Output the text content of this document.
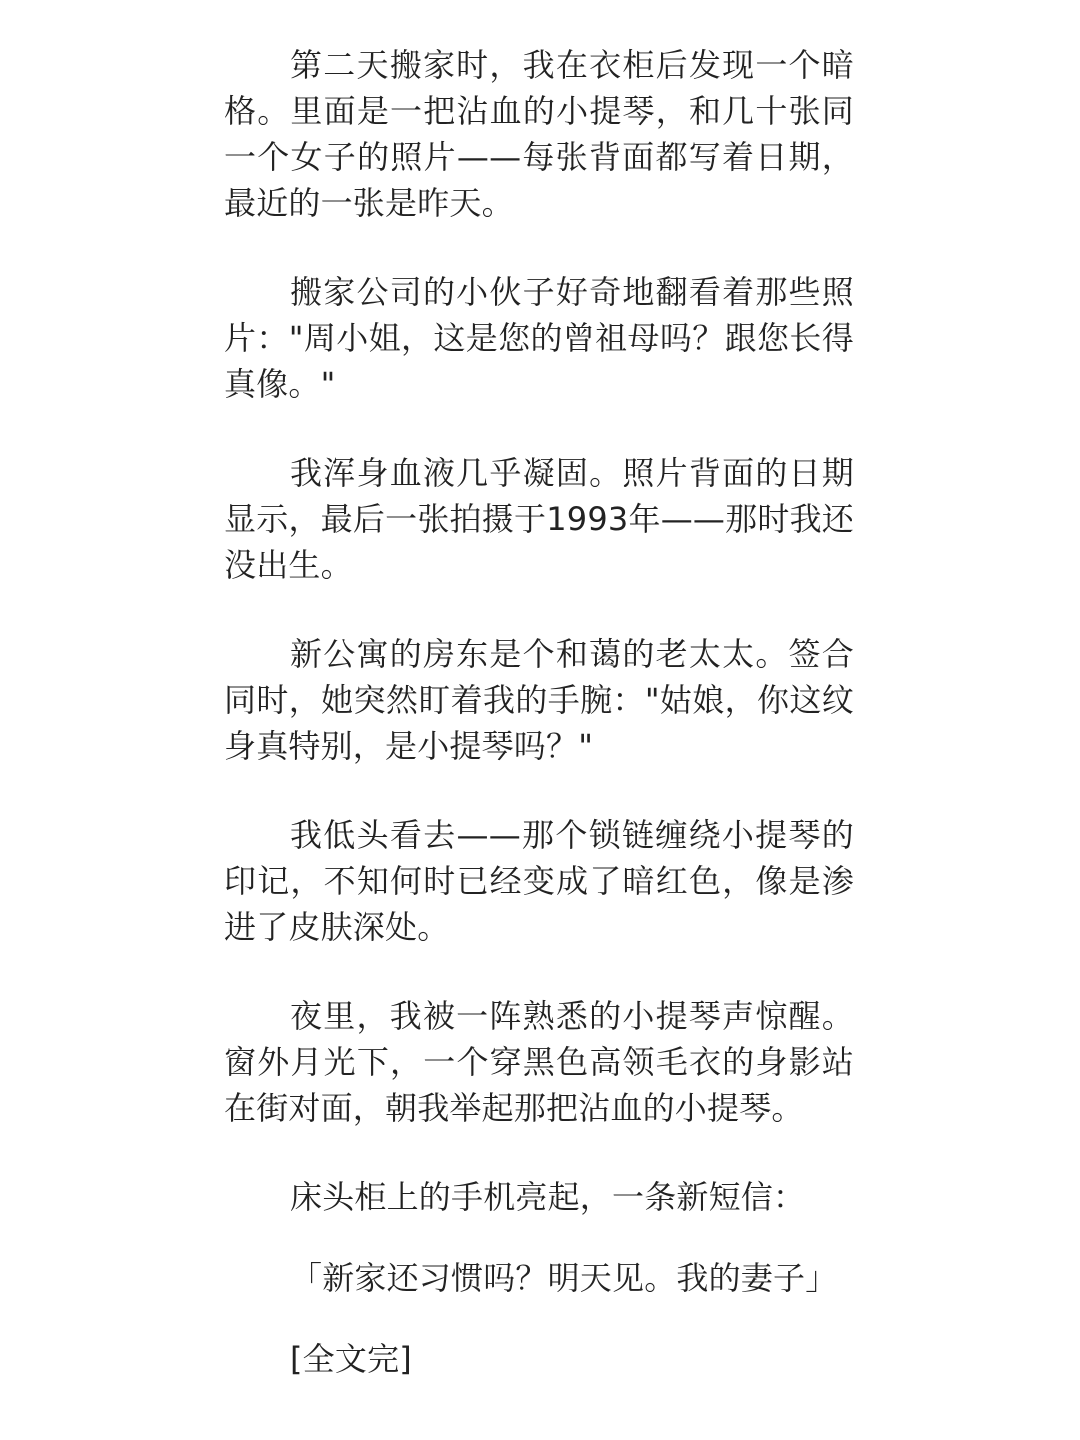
第二天搬家时，我在衣柜后发现一个暗格。里面是一把沾血的小提琴，和几十张同一个女子的照片——每张背面都写着日期，最近的一张是昨天。

搬家公司的小伙子好奇地翻看着那些照片："周小姐，这是您的曾祖母吗？跟您长得真像。"

我浑身血液几乎凝固。照片背面的日期显示，最后一张拍摄于1993年——那时我还没出生。

新公寓的房东是个和蔼的老太太。签合同时，她突然盯着我的手腕："姑娘，你这纹身真特别，是小提琴吗？"

我低头看去——那个锁链缠绕小提琴的印记，不知何时已经变成了暗红色，像是渗进了皮肤深处。

夜里，我被一阵熟悉的小提琴声惊醒。窗外月光下，一个穿黑色高领毛衣的身影站在街对面，朝我举起那把沾血的小提琴。

床头柜上的手机亮起，一条新短信：

「新家还习惯吗？明天见。我的妻子」

[全文完]
